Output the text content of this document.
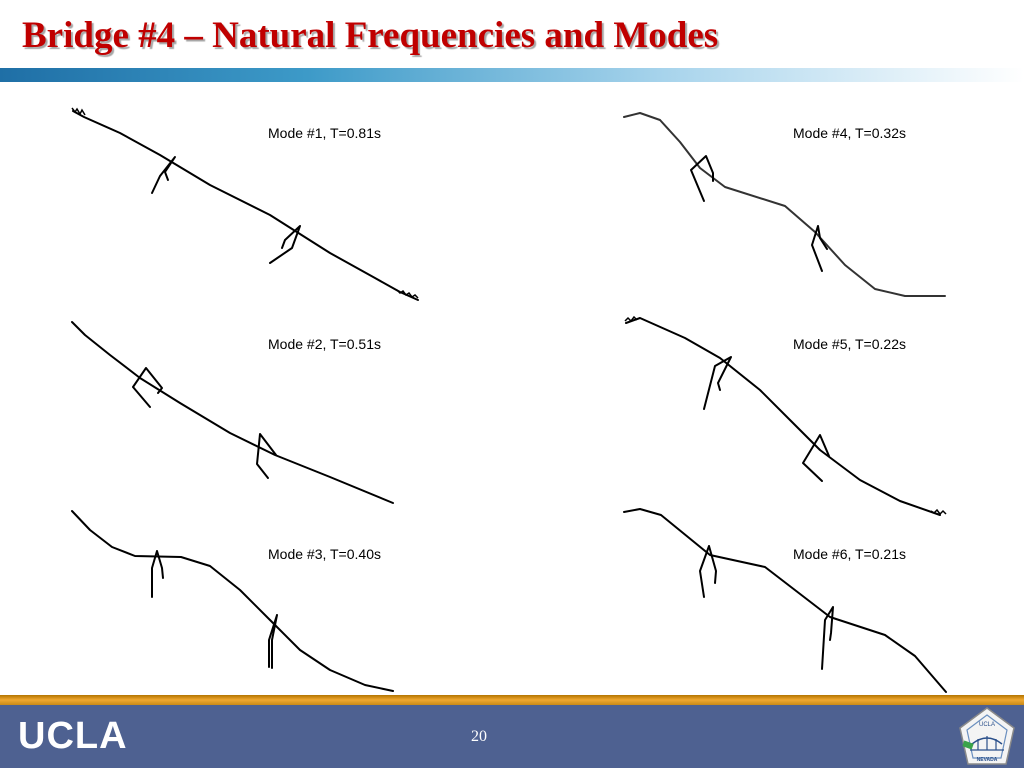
Bridge #4 – Natural Frequencies and Modes
Mode #1, T=0.81s
Mode #2, T=0.51s
Mode #3, T=0.40s
Mode #4, T=0.32s
Mode #5, T=0.22s
Mode #6, T=0.21s
UCLA	20
UCLA
NEVADA
